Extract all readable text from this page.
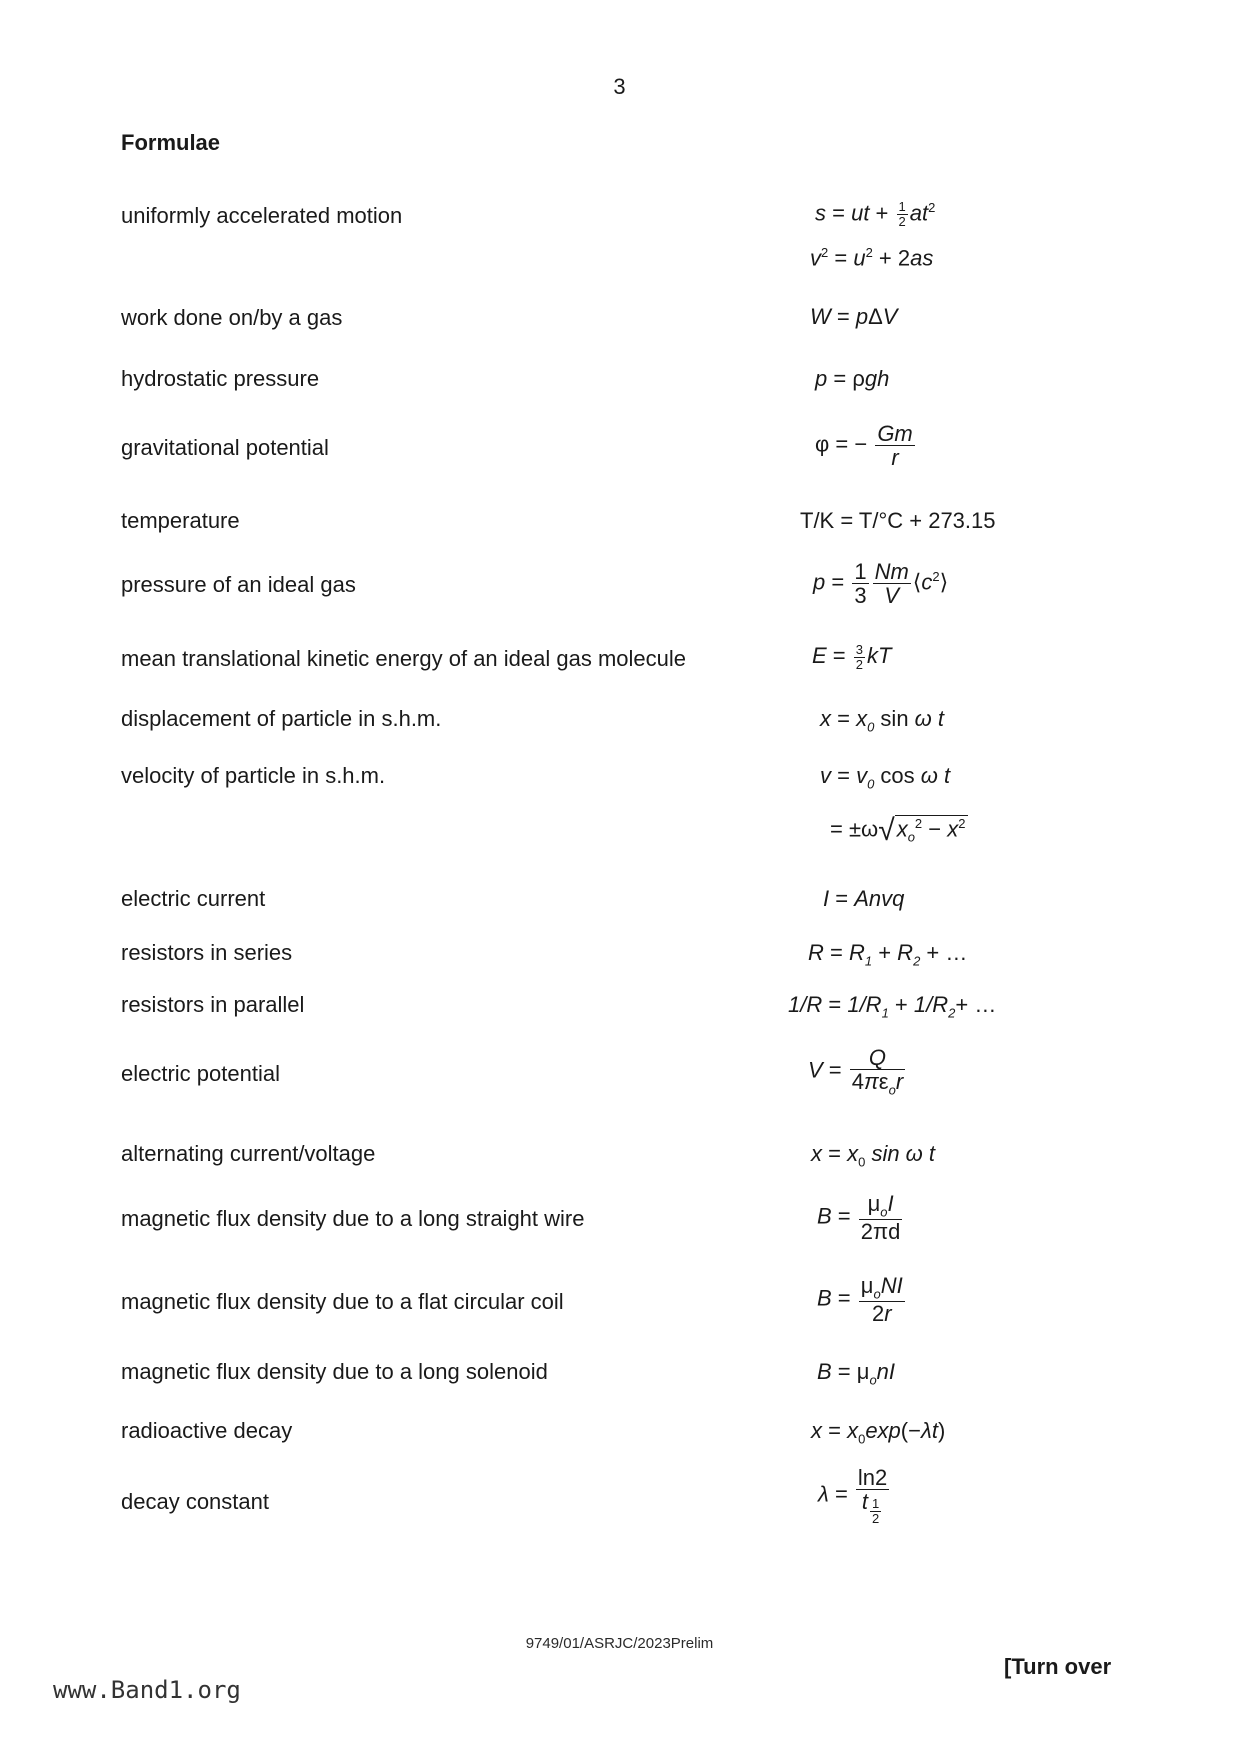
3
Formulae
uniformly accelerated motion	s = ut + $\frac{1}{2} at^2$
$v^2 = u^2 + 2as$
work done on/by a gas	W = pΔV
hydrostatic pressure	p = ρgh
gravitational potential	φ = − $\frac{Gm}{r}$
temperature	T/K = T/°C + 273.15
pressure of an ideal gas	$p = \frac{1}{3} \frac{Nm}{V}$ $⟨c^2⟩$
mean translational kinetic energy of an ideal gas molecule	$E = \frac{3}{2}$ kT
displacement of particle in s.h.m.	$x = x_0$ sin ω t
velocity of particle in s.h.m.	$v = v_0$ cos ω t
= $\pm\omega√x_o^2 - x^2$
electric current	I = Anvq
resistors in series	$R = R_1 + R_2$ + …
resistors in parallel	$1/R = 1/R_1 + 1/R_2+$ …
electric potential	$V = \frac{Q}{4\pi\varepsilon_or}$
alternating current/voltage	$x = x_0$ sin ω t
magnetic flux density due to a long straight wire	$B = \frac{\mu_oI}{2\pi d}$
magnetic flux density due to a flat circular coil	$B = \frac{\mu_oNI}{2r}$
magnetic flux density due to a long solenoid	$B = \mu_onI$
radioactive decay	$x = x_0\exp(-\lambda t)$
decay constant	λ = ln2
t $_{\frac{1}{2}}$
9749/01/ASRJC/2023Prelim
[Turn over
www.Band1.org
